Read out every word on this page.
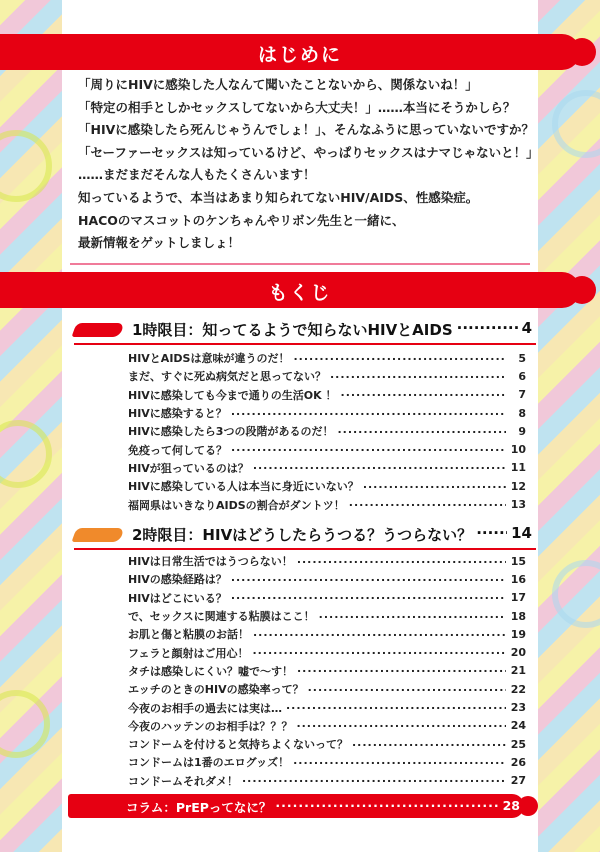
はじめに
「周りにHIVに感染した人なんて聞いたことないから、関係ないね！」
「特定の相手としかセックスしてないから大丈夫！」……本当にそうかしら？
「HIVに感染したら死んじゃうんでしょ！」、そんなふうに思っていないですか？
「セーファーセックスは知っているけど、やっぱりセックスはナマじゃないと！」
……まだまだそんな人もたくさんいます！
知っているようで、本当はあまり知られてないHIV/AIDS、性感染症。
HACOのマスコットのケンちゃんやリボン先生と一緒に、
最新情報をゲットしましょ！
もくじ
1時限目：知ってるようで知らないHIVとAIDS .....	4
HIVとAIDSは意味が違うのだ！ .....	5
まだ、すぐに死ぬ病気だと思ってない？ .....	6
HIVに感染しても今まで通りの生活OK ！ .....	7
HIVに感染すると？ .....	8
HIVに感染したら3つの段階があるのだ！ .....	9
免疫って何してる？ .....	10
HIVが狙っているのは？ .....	11
HIVに感染している人は本当に身近にいない？ .....	12
福岡県はいきなりAIDSの割合がダントツ！ .....	13
2時限目：HIVはどうしたらうつる？うつらない？ .....	14
HIVは日常生活ではうつらない！ .....	15
HIVの感染経路は？ .....	16
HIVはどこにいる？ .....	17
で、セックスに関連する粘膜はここ！ .....	18
お肌と傷と粘膜のお話！ .....	19
フェラと顔射はご用心！ .....	20
タチは感染しにくい？嘘で〜す！ .....	21
エッチのときのHIVの感染率って？ .....	22
今夜のお相手の過去には実は… .....	23
今夜のハッテンのお相手は？？？ .....	24
コンドームを付けると気持ちよくないって？ .....	25
コンドームは1番のエログッズ！ .....	26
コンドームそれダメ！ .....	27
コラム：PrEPってなに？ .....	28
